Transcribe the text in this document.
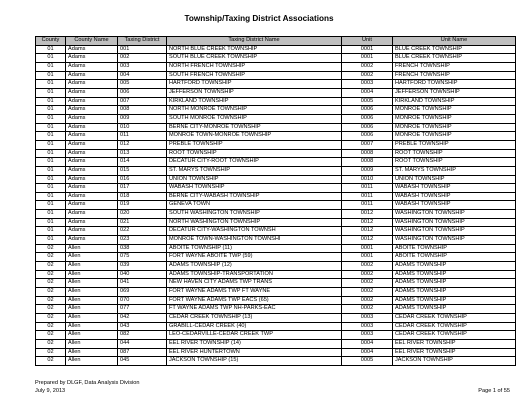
Township/Taxing District Associations
County	County Name	Taxing District	Taxing District Name	Unit	Unit Name
01	Adams	001	NORTH BLUE CREEK TOWNSHIP	0001	BLUE CREEK TOWNSHIP
01	Adams	002	SOUTH BLUE CREEK TOWNSHIP	0001	BLUE CREEK TOWNSHIP
01	Adams	003	NORTH FRENCH TOWNSHIP	0002	FRENCH TOWNSHIP
01	Adams	004	SOUTH FRENCH TOWNSHIP	0002	FRENCH TOWNSHIP
01	Adams	005	HARTFORD TOWNSHIP	0003	HARTFORD TOWNSHIP
01	Adams	006	JEFFERSON TOWNSHIP	0004	JEFFERSON TOWNSHIP
01	Adams	007	KIRKLAND TOWNSHIP	0005	KIRKLAND TOWNSHIP
01	Adams	008	NORTH MONROE TOWNSHIP	0006	MONROE TOWNSHIP
01	Adams	009	SOUTH MONROE TOWNSHIP	0006	MONROE TOWNSHIP
01	Adams	010	BERNE CITY-MONROE TOWNSHIP	0006	MONROE TOWNSHIP
01	Adams	011	MONROE TOWN-MONROE TOWNSHIP	0006	MONROE TOWNSHIP
01	Adams	012	PREBLE TOWNSHIP	0007	PREBLE TOWNSHIP
01	Adams	013	ROOT TOWNSHIP	0008	ROOT TOWNSHIP
01	Adams	014	DECATUR CITY-ROOT TOWNSHIP	0008	ROOT TOWNSHIP
01	Adams	015	ST. MARYS TOWNSHIP	0009	ST. MARYS TOWNSHIP
01	Adams	016	UNION TOWNSHIP	0010	UNION TOWNSHIP
01	Adams	017	WABASH TOWNSHIP	0011	WABASH TOWNSHIP
01	Adams	018	BERNE CITY-WABASH TOWNSHIP	0011	WABASH TOWNSHIP
01	Adams	019	GENEVA TOWN	0011	WABASH TOWNSHIP
01	Adams	020	SOUTH WASHINGTON TOWNSHIP	0012	WASHINGTON TOWNSHIP
01	Adams	021	NORTH WASHINGTON TOWNSHIP	0012	WASHINGTON TOWNSHIP
01	Adams	022	DECATUR CITY-WASHINGTON TOWNSH	0012	WASHINGTON TOWNSHIP
01	Adams	023	MONROE TOWN-WASHINGTON TOWNSHI	0012	WASHINGTON TOWNSHIP
02	Allen	038	ABOITE TOWNSHIP (11)	0001	ABOITE TOWNSHIP
02	Allen	075	FORT WAYNE ABOITE TWP (59)	0001	ABOITE TOWNSHIP
02	Allen	039	ADAMS TOWNSHIP (12)	0002	ADAMS TOWNSHIP
02	Allen	040	ADAMS TOWNSHIP-TRANSPORTATION	0002	ADAMS TOWNSHIP
02	Allen	041	NEW HAVEN CITY ADAMS TWP TRANS	0002	ADAMS TOWNSHIP
02	Allen	069	FORT WAYNE ADAMS TWP FT WAYNE	0002	ADAMS TOWNSHIP
02	Allen	070	FORT WAYNE ADAMS TWP EACS (65)	0002	ADAMS TOWNSHIP
02	Allen	077	FT WAYNE ADAMS TWP NH-PARKS-EAC	0002	ADAMS TOWNSHIP
02	Allen	042	CEDAR CREEK TOWNSHIP (13)	0003	CEDAR CREEK TOWNSHIP
02	Allen	043	GRABILL-CEDAR CREEK (40)	0003	CEDAR CREEK TOWNSHIP
02	Allen	082	LEO-CEDARVILLE-CEDAR CREEK TWP	0003	CEDAR CREEK TOWNSHIP
02	Allen	044	EEL RIVER TOWNSHIP (14)	0004	EEL RIVER TOWNSHIP
02	Allen	087	EEL RIVER HUNTERTOWN	0004	EEL RIVER TOWNSHIP
02	Allen	045	JACKSON TOWNSHIP (15)	0005	JACKSON TOWNSHIP
Prepared by DLGF, Data Analysis Division
July 9, 2013	Page 1 of 55
